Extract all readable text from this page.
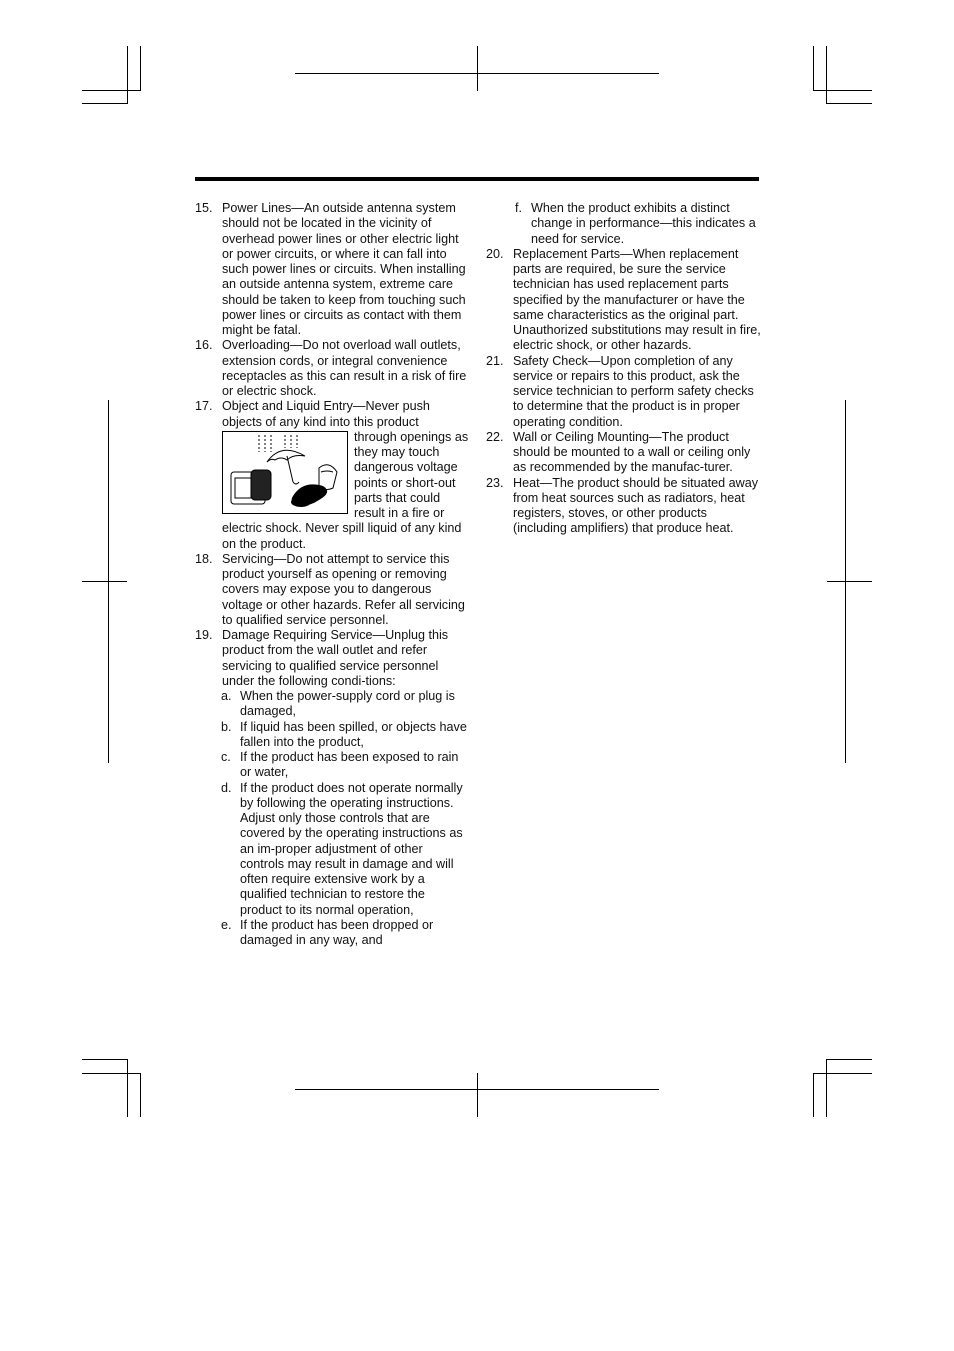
15. Power Lines—An outside antenna system should not be located in the vicinity of overhead power lines or other electric light or power circuits, or where it can fall into such power lines or circuits. When installing an outside antenna system, extreme care should be taken to keep from touching such power lines or circuits as contact with them might be fatal.
16. Overloading—Do not overload wall outlets, extension cords, or integral convenience receptacles as this can result in a risk of fire or electric shock.
17. Object and Liquid Entry—Never push objects of any kind into this product
through openings as they may touch dangerous voltage points or short-out parts that could result in a fire or electric shock. Never spill liquid of any kind on the product.
18. Servicing—Do not attempt to service this product yourself as opening or removing covers may expose you to dangerous voltage or other hazards. Refer all servicing to qualified service personnel.
19. Damage Requiring Service—Unplug this product from the wall outlet and refer servicing to qualified service personnel under the following condi-tions:
a. When the power-supply cord or plug is damaged,
b. If liquid has been spilled, or objects have fallen into the product,
c. If the product has been exposed to rain or water,
d. If the product does not operate normally by following the operating instructions. Adjust only those controls that are covered by the operating instructions as an im-proper adjustment of other controls may result in damage and will often require extensive work by a qualified technician to restore the product to its normal operation,
e. If the product has been dropped or damaged in any way, and
f. When the product exhibits a distinct change in performance—this indicates a need for service.
20. Replacement Parts—When replacement parts are required, be sure the service technician has used replacement parts specified by the manufacturer or have the same characteristics as the original part. Unauthorized substitutions may result in fire, electric shock, or other hazards.
21. Safety Check—Upon completion of any service or repairs to this product, ask the service technician to perform safety checks to determine that the product is in proper operating condition.
22. Wall or Ceiling Mounting—The product should be mounted to a wall or ceiling only as recommended by the manufac-turer.
23. Heat—The product should be situated away from heat sources such as radiators, heat registers, stoves, or other products (including amplifiers) that produce heat.
